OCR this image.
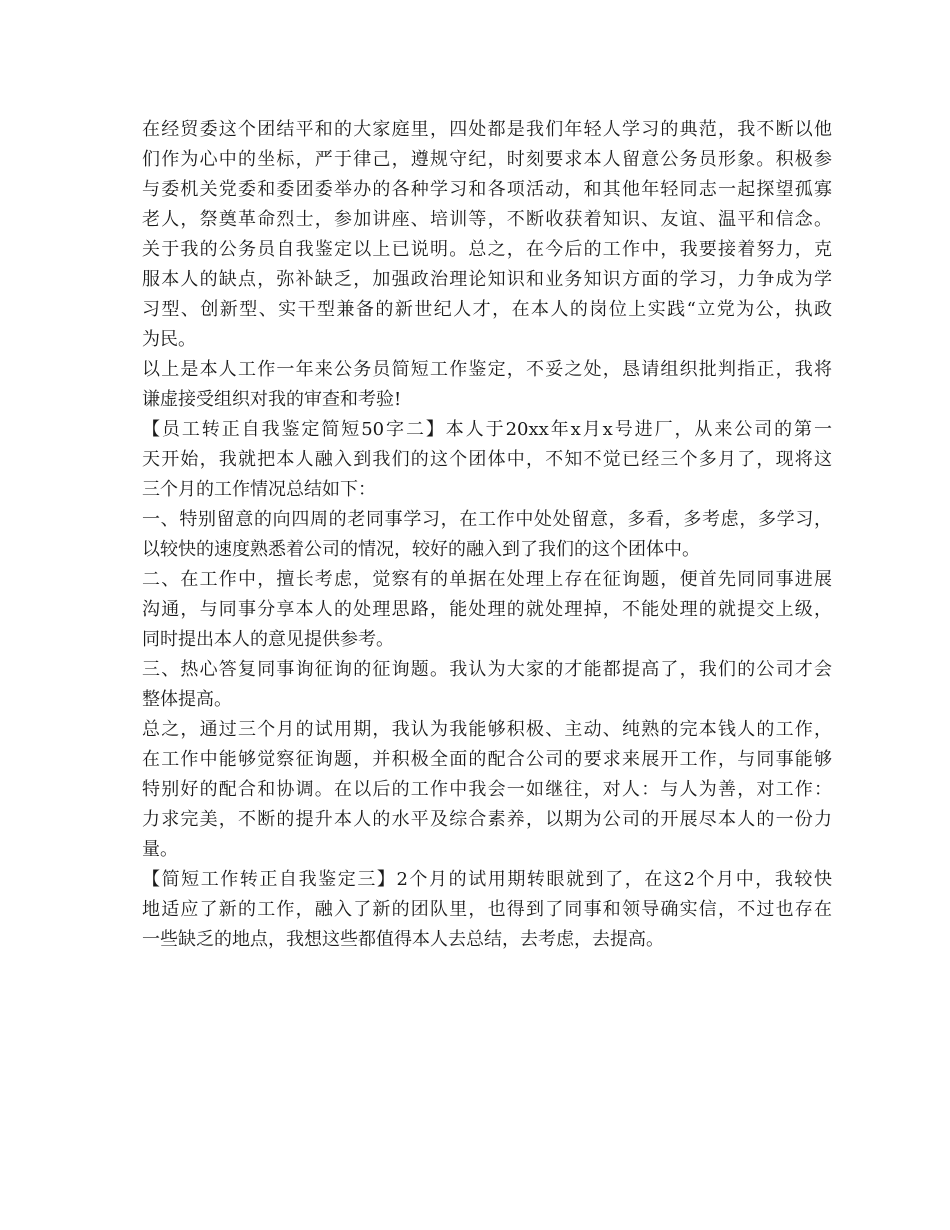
在经贸委这个团结平和的大家庭里，四处都是我们年轻人学习的典范，我不断以他
们作为心中的坐标，严于律己，遵规守纪，时刻要求本人留意公务员形象。积极参
与委机关党委和委团委举办的各种学习和各项活动，和其他年轻同志一起探望孤寡
老人，祭奠革命烈士，参加讲座、培训等，不断收获着知识、友谊、温平和信念。
关于我的公务员自我鉴定以上已说明。总之，在今后的工作中，我要接着努力，克
服本人的缺点，弥补缺乏，加强政治理论知识和业务知识方面的学习，力争成为学
习型、创新型、实干型兼备的新世纪人才，在本人的岗位上实践“立党为公，执政
为民。
以上是本人工作一年来公务员简短工作鉴定，不妥之处，恳请组织批判指正，我将
谦虚接受组织对我的审查和考验!
【员工转正自我鉴定简短50字二】本人于20xx年x月x号进厂，从来公司的第一
天开始，我就把本人融入到我们的这个团体中，不知不觉已经三个多月了，现将这
三个月的工作情况总结如下：
一、特别留意的向四周的老同事学习，在工作中处处留意，多看，多考虑，多学习，
以较快的速度熟悉着公司的情况，较好的融入到了我们的这个团体中。
二、在工作中，擅长考虑，觉察有的单据在处理上存在征询题，便首先同同事进展
沟通，与同事分享本人的处理思路，能处理的就处理掉，不能处理的就提交上级，
同时提出本人的意见提供参考。
三、热心答复同事询征询的征询题。我认为大家的才能都提高了，我们的公司才会
整体提高。
总之，通过三个月的试用期，我认为我能够积极、主动、纯熟的完本钱人的工作，
在工作中能够觉察征询题，并积极全面的配合公司的要求来展开工作，与同事能够
特别好的配合和协调。在以后的工作中我会一如继往，对人：与人为善，对工作：
力求完美，不断的提升本人的水平及综合素养，以期为公司的开展尽本人的一份力
量。
【简短工作转正自我鉴定三】2个月的试用期转眼就到了，在这2个月中，我较快
地适应了新的工作，融入了新的团队里，也得到了同事和领导确实信，不过也存在
一些缺乏的地点，我想这些都值得本人去总结，去考虑，去提高。
